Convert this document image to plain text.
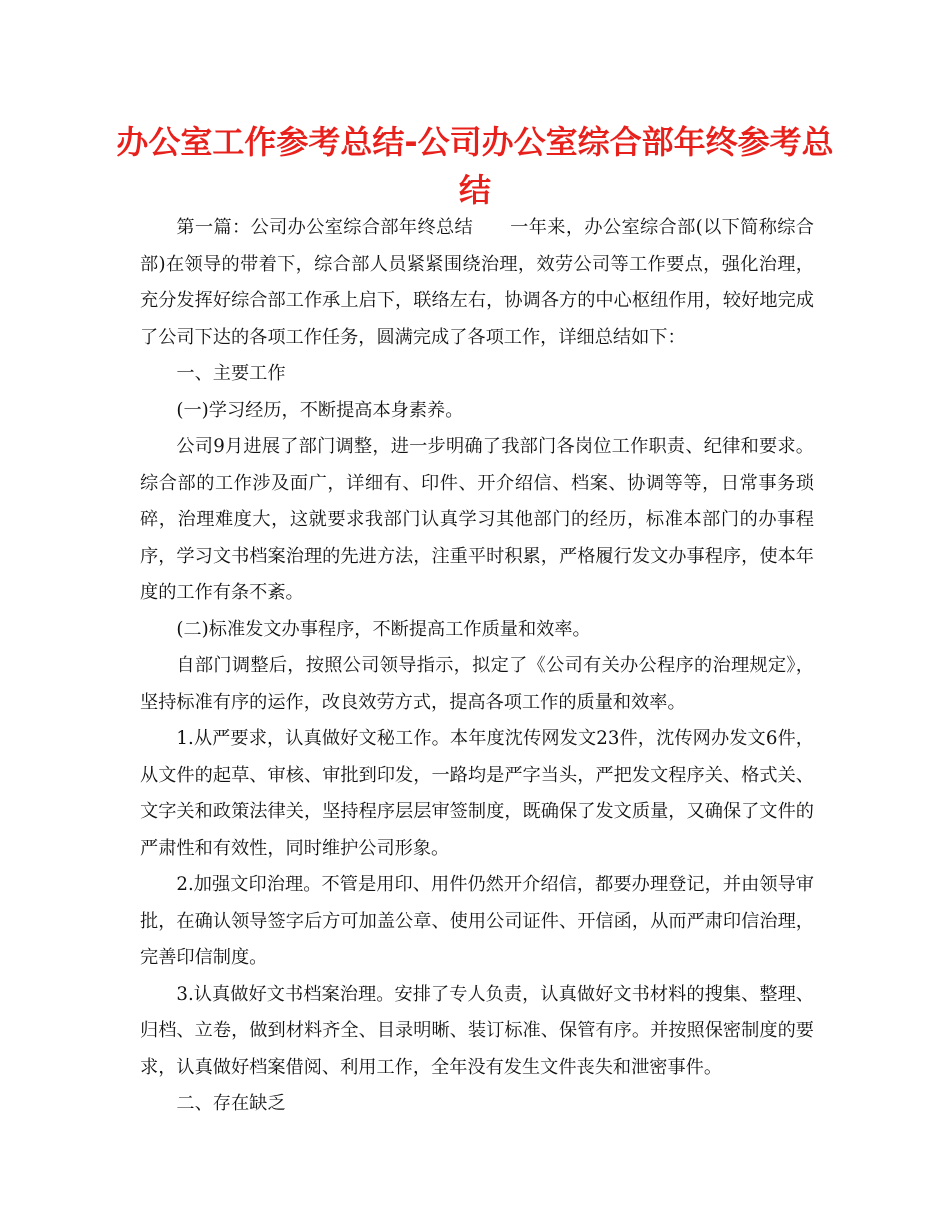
办公室工作参考总结-公司办公室综合部年终参考总结

第一篇：公司办公室综合部年终总结　　一年来，办公室综合部(以下简称综合部)在领导的带着下，综合部人员紧紧围绕治理，效劳公司等工作要点，强化治理，充分发挥好综合部工作承上启下，联络左右，协调各方的中心枢纽作用，较好地完成了公司下达的各项工作任务，圆满完成了各项工作，详细总结如下：

一、主要工作

(一)学习经历，不断提高本身素养。

公司9月进展了部门调整，进一步明确了我部门各岗位工作职责、纪律和要求。综合部的工作涉及面广，详细有、印件、开介绍信、档案、协调等等，日常事务琐碎，治理难度大，这就要求我部门认真学习其他部门的经历，标准本部门的办事程序，学习文书档案治理的先进方法，注重平时积累，严格履行发文办事程序，使本年度的工作有条不紊。

(二)标准发文办事程序，不断提高工作质量和效率。

自部门调整后，按照公司领导指示，拟定了《公司有关办公程序的治理规定》，坚持标准有序的运作，改良效劳方式，提高各项工作的质量和效率。

1.从严要求，认真做好文秘工作。本年度沈传网发文23件，沈传网办发文6件，从文件的起草、审核、审批到印发，一路均是严字当头，严把发文程序关、格式关、文字关和政策法律关，坚持程序层层审签制度，既确保了发文质量，又确保了文件的严肃性和有效性，同时维护公司形象。

2.加强文印治理。不管是用印、用件仍然开介绍信，都要办理登记，并由领导审批，在确认领导签字后方可加盖公章、使用公司证件、开信函，从而严肃印信治理，完善印信制度。

3.认真做好文书档案治理。安排了专人负责，认真做好文书材料的搜集、整理、归档、立卷，做到材料齐全、目录明晰、装订标准、保管有序。并按照保密制度的要求，认真做好档案借阅、利用工作，全年没有发生文件丧失和泄密事件。

二、存在缺乏
